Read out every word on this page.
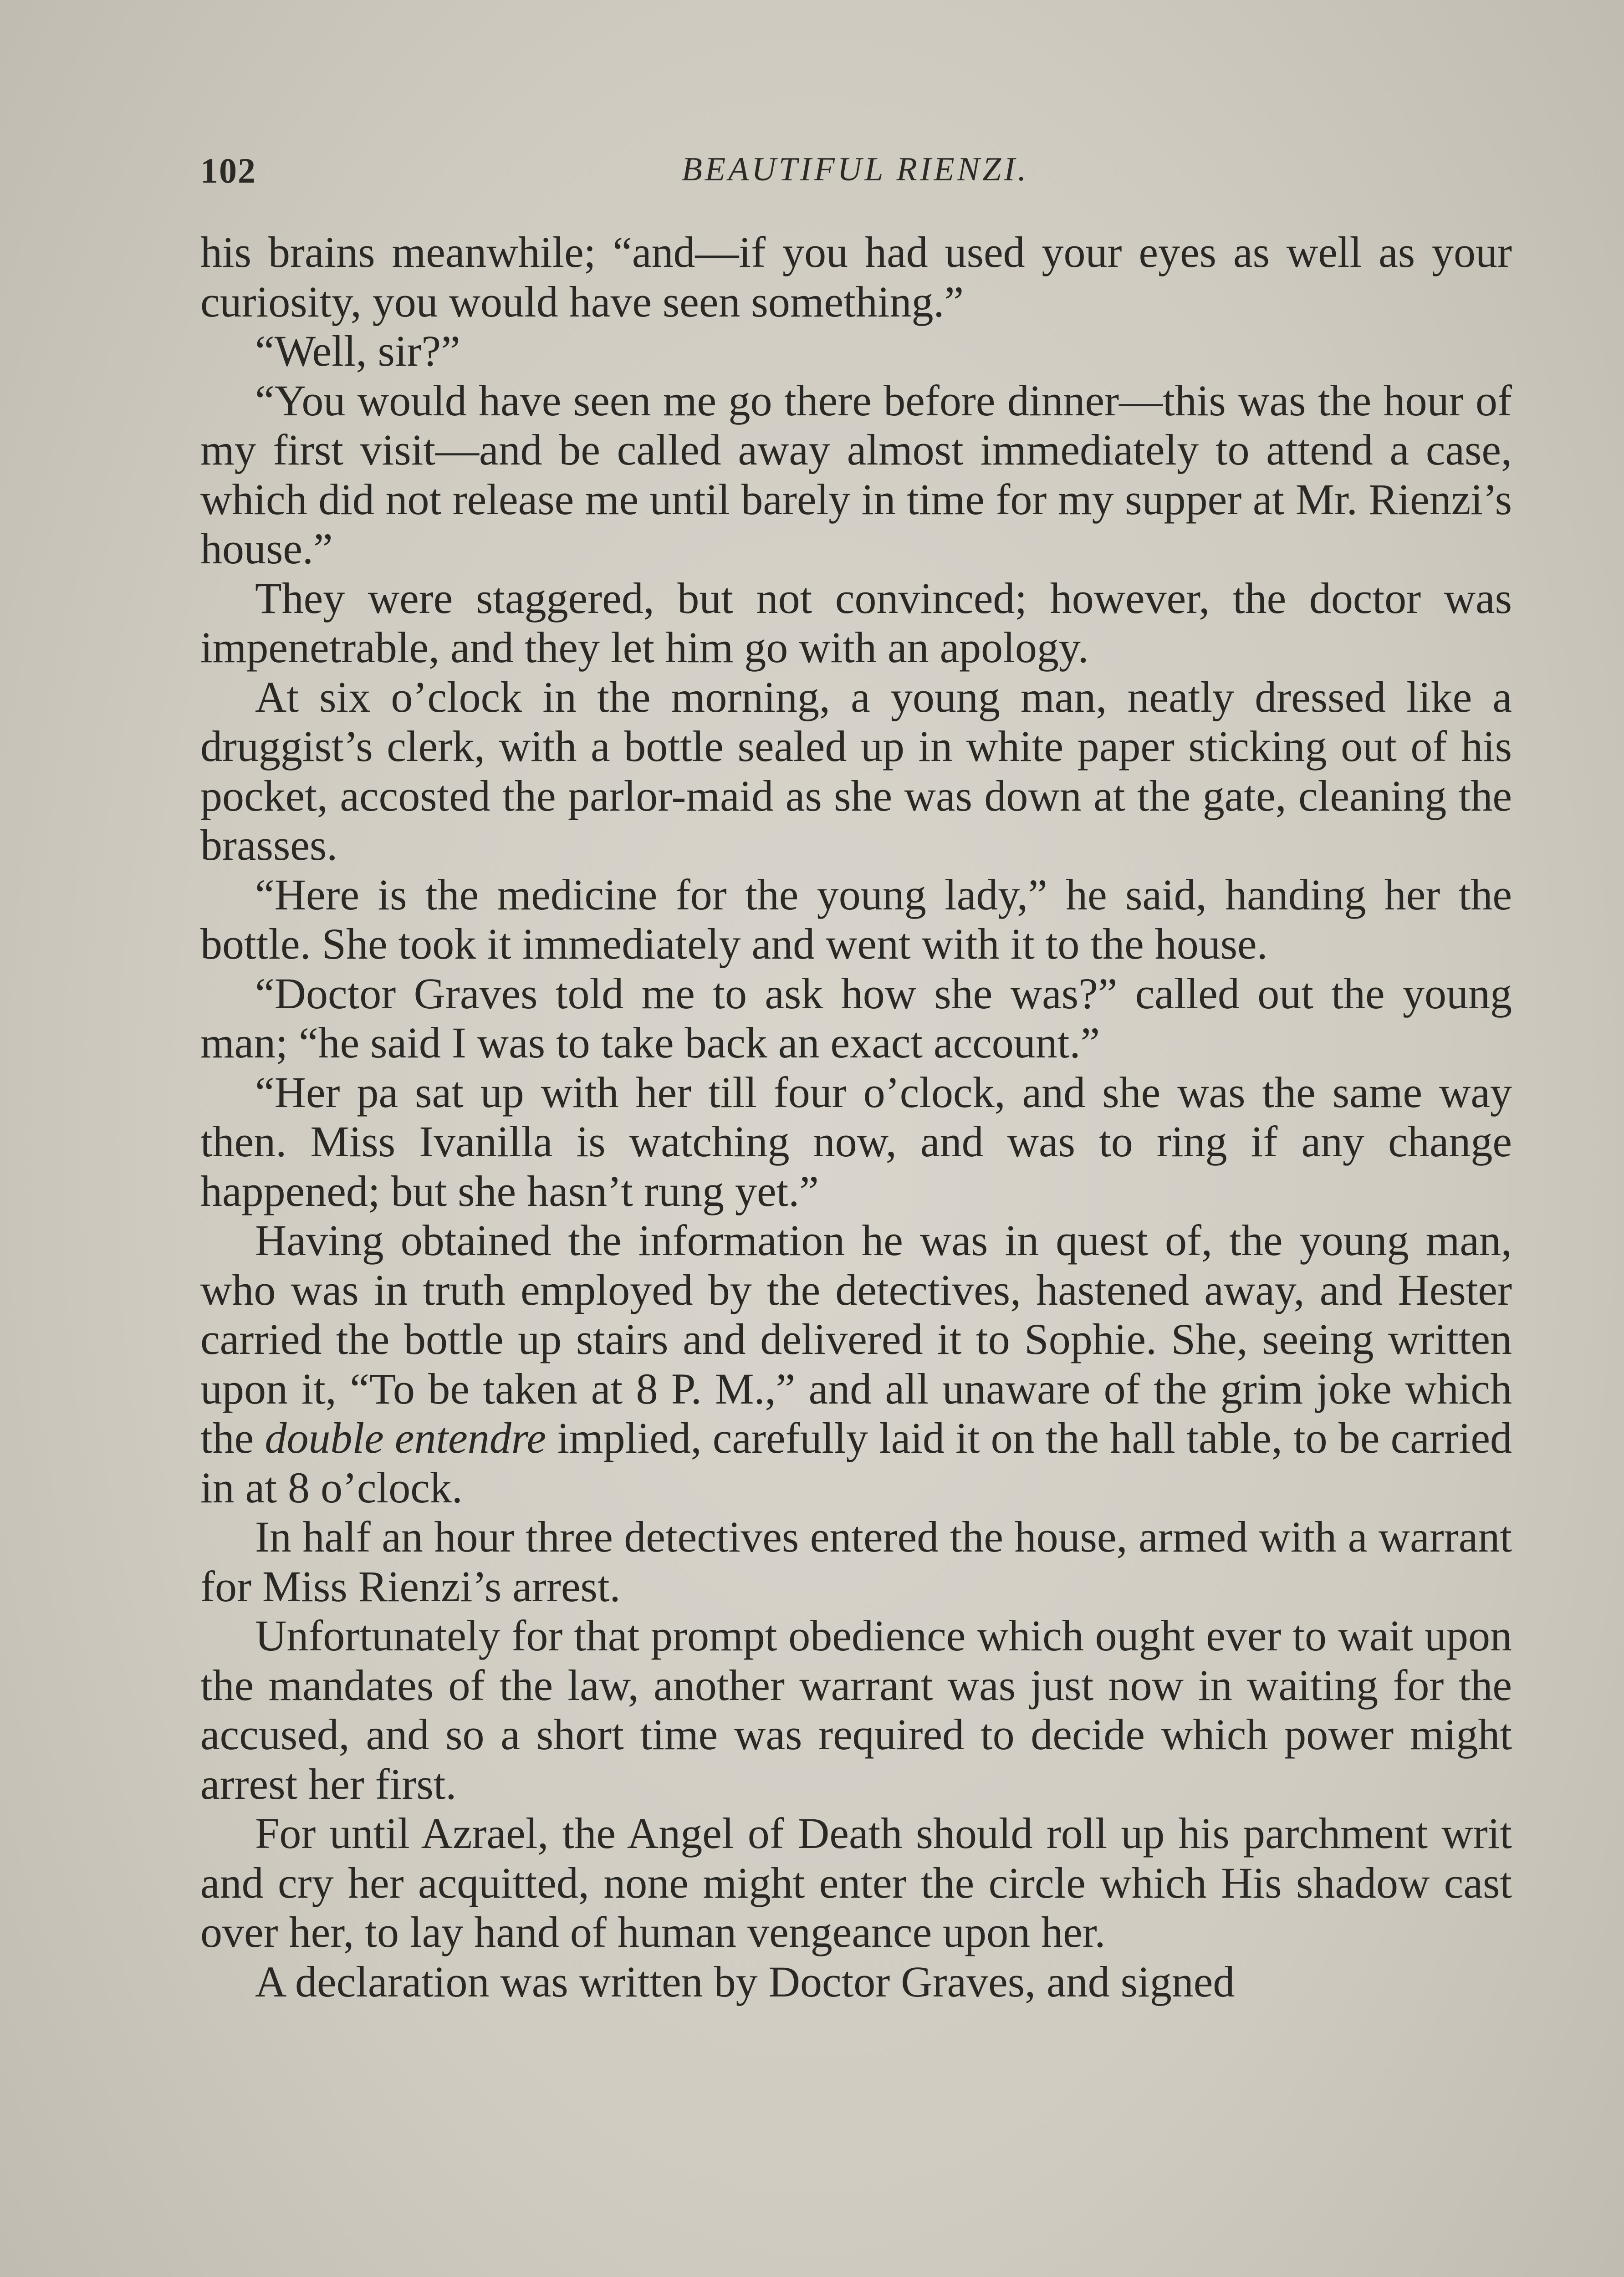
102	BEAUTIFUL RIENZI.

his brains meanwhile; “and—if you had used your eyes as well as your curiosity, you would have seen something.”

“Well, sir?”

“You would have seen me go there before dinner—this was the hour of my first visit—and be called away almost immediately to attend a case, which did not release me until barely in time for my supper at Mr. Rienzi’s house.”

They were staggered, but not convinced; however, the doctor was impenetrable, and they let him go with an apology.

At six o’clock in the morning, a young man, neatly dressed like a druggist’s clerk, with a bottle sealed up in white paper sticking out of his pocket, accosted the parlor-maid as she was down at the gate, cleaning the brasses.

“Here is the medicine for the young lady,” he said, handing her the bottle. She took it immediately and went with it to the house.

“Doctor Graves told me to ask how she was?” called out the young man; “he said I was to take back an exact account.”

“Her pa sat up with her till four o’clock, and she was the same way then. Miss Ivanilla is watching now, and was to ring if any change happened; but she hasn’t rung yet.”

Having obtained the information he was in quest of, the young man, who was in truth employed by the detectives, hastened away, and Hester carried the bottle up stairs and delivered it to Sophie. She, seeing written upon it, “To be taken at 8 P. M.,” and all unaware of the grim joke which the double entendre implied, carefully laid it on the hall table, to be carried in at 8 o’clock.

In half an hour three detectives entered the house, armed with a warrant for Miss Rienzi’s arrest.

Unfortunately for that prompt obedience which ought ever to wait upon the mandates of the law, another warrant was just now in waiting for the accused, and so a short time was required to decide which power might arrest her first.

For until Azrael, the Angel of Death should roll up his parchment writ and cry her acquitted, none might enter the circle which His shadow cast over her, to lay hand of human vengeance upon her.

A declaration was written by Doctor Graves, and signed
